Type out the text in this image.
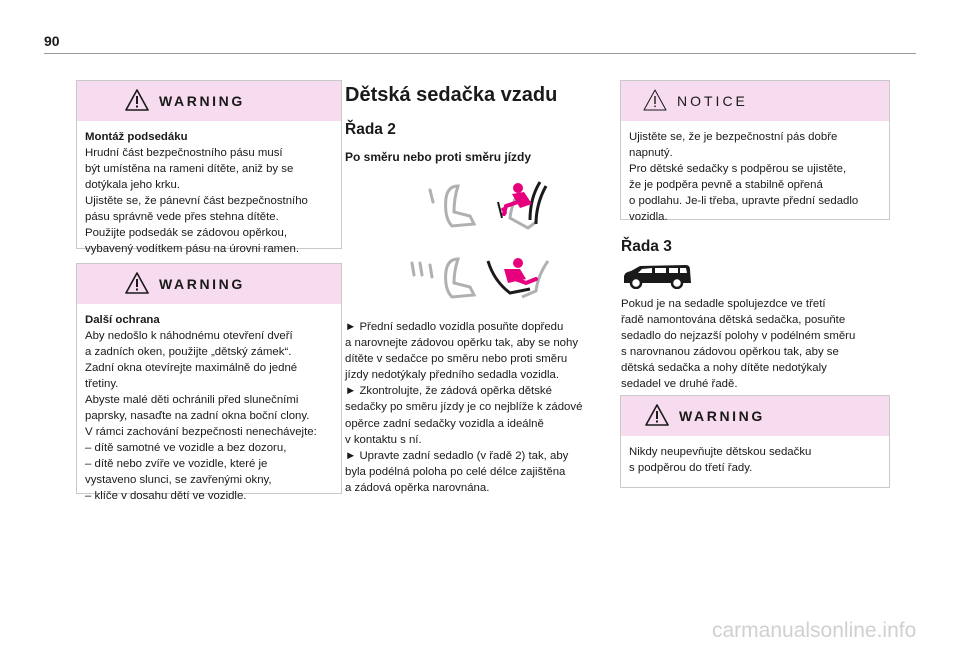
90
WARNING

Montáž podsedáku

Hrudní část bezpečnostního pásu musí
být umístěna na rameni dítěte, aniž by se
dotýkala jeho krku.
Ujistěte se, že pánevní část bezpečnostního
pásu správně vede přes stehna dítěte.
Použijte podsedák se zádovou opěrkou,
vybavený vodítkem pásu na úrovni ramen.

WARNING

Další ochrana

Aby nedošlo k náhodnému otevření dveří
a zadních oken, použijte „dětský zámek“.
Zadní okna otevírejte maximálně do jedné
třetiny.
Abyste malé děti ochránili před slunečními
paprsky, nasaďte na zadní okna boční clony.
V rámci zachování bezpečnosti nenechávejte:
– dítě samotné ve vozidle a bez dozoru,
– dítě nebo zvíře ve vozidle, které je
vystaveno slunci, se zavřenými okny,
– klíče v dosahu dětí ve vozidle.

Dětská sedačka vzadu
Řada 2
Po směru nebo proti směru jízdy
► Přední sedadlo vozidla posuňte dopředu
a narovnejte zádovou opěrku tak, aby se nohy
dítěte v sedačce po směru nebo proti směru
jízdy nedotýkaly předního sedadla vozidla.
► Zkontrolujte, že zádová opěrka dětské
sedačky po směru jízdy je co nejblíže k zádové
opěrce zadní sedačky vozidla a ideálně
v kontaktu s ní.
► Upravte zadní sedadlo (v řadě 2) tak, aby
byla podélná poloha po celé délce zajištěna
a zádová opěrka narovnána.
NOTICE

Ujistěte se, že je bezpečnostní pás dobře
napnutý.
Pro dětské sedačky s podpěrou se ujistěte,
že je podpěra pevně a stabilně opřená
o podlahu. Je-li třeba, upravte přední sedadlo
vozidla.

Řada 3
Pokud je na sedadle spolujezdce ve třetí
řadě namontována dětská sedačka, posuňte
sedadlo do nejzazší polohy v podélném směru
s narovnanou zádovou opěrkou tak, aby se
dětská sedačka a nohy dítěte nedotýkaly
sedadel ve druhé řadě.
WARNING

Nikdy neupevňujte dětskou sedačku
s podpěrou do třetí řady.

carmanualsonline.info
